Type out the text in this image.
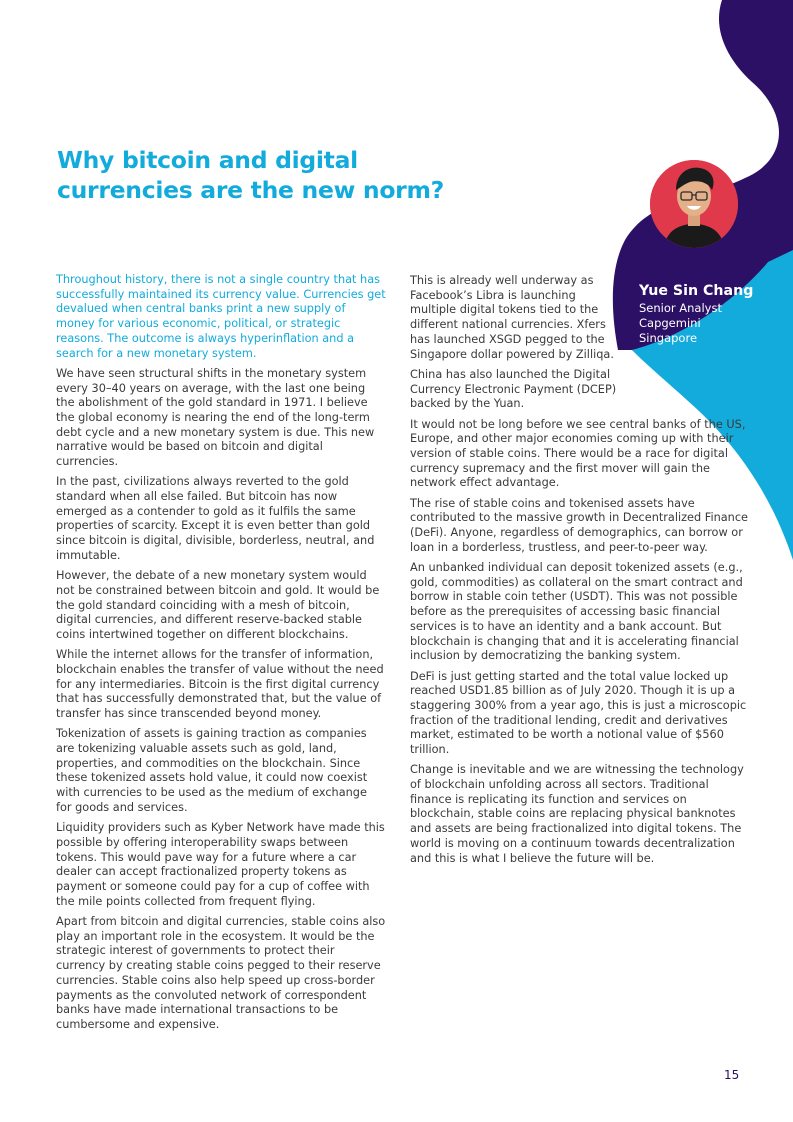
Why bitcoin and digital currencies are the new norm?

Throughout history, there is not a single country that has successfully maintained its currency value. Currencies get devalued when central banks print a new supply of money for various economic, political, or strategic reasons. The outcome is always hyperinflation and a search for a new monetary system.

We have seen structural shifts in the monetary system every 30–40 years on average, with the last one being the abolishment of the gold standard in 1971. I believe the global economy is nearing the end of the long-term debt cycle and a new monetary system is due. This new narrative would be based on bitcoin and digital currencies.

In the past, civilizations always reverted to the gold standard when all else failed. But bitcoin has now emerged as a contender to gold as it fulfils the same properties of scarcity. Except it is even better than gold since bitcoin is digital, divisible, borderless, neutral, and immutable.

However, the debate of a new monetary system would not be constrained between bitcoin and gold. It would be the gold standard coinciding with a mesh of bitcoin, digital currencies, and different reserve-backed stable coins intertwined together on different blockchains.

While the internet allows for the transfer of information, blockchain enables the transfer of value without the need for any intermediaries. Bitcoin is the first digital currency that has successfully demonstrated that, but the value of transfer has since transcended beyond money.

Tokenization of assets is gaining traction as companies are tokenizing valuable assets such as gold, land, properties, and commodities on the blockchain. Since these tokenized assets hold value, it could now coexist with currencies to be used as the medium of exchange for goods and services.

Liquidity providers such as Kyber Network have made this possible by offering interoperability swaps between tokens. This would pave way for a future where a car dealer can accept fractionalized property tokens as payment or someone could pay for a cup of coffee with the mile points collected from frequent flying.

Apart from bitcoin and digital currencies, stable coins also play an important role in the ecosystem. It would be the strategic interest of governments to protect their currency by creating stable coins pegged to their reserve currencies. Stable coins also help speed up cross-border payments as the convoluted network of correspondent banks have made international transactions to be cumbersome and expensive.

This is already well underway as Facebook’s Libra is launching multiple digital tokens tied to the different national currencies. Xfers has launched XSGD pegged to the Singapore dollar powered by Zilliqa.

China has also launched the Digital Currency Electronic Payment (DCEP) backed by the Yuan.

It would not be long before we see central banks of the US, Europe, and other major economies coming up with their version of stable coins. There would be a race for digital currency supremacy and the first mover will gain the network effect advantage.

The rise of stable coins and tokenised assets have contributed to the massive growth in Decentralized Finance (DeFi). Anyone, regardless of demographics, can borrow or loan in a borderless, trustless, and peer-to-peer way.

An unbanked individual can deposit tokenized assets (e.g., gold, commodities) as collateral on the smart contract and borrow in stable coin tether (USDT). This was not possible before as the prerequisites of accessing basic financial services is to have an identity and a bank account. But blockchain is changing that and it is accelerating financial inclusion by democratizing the banking system.

DeFi is just getting started and the total value locked up reached USD1.85 billion as of July 2020. Though it is up a staggering 300% from a year ago, this is just a microscopic fraction of the traditional lending, credit and derivatives market, estimated to be worth a notional value of $560 trillion.

Change is inevitable and we are witnessing the technology of blockchain unfolding across all sectors. Traditional finance is replicating its function and services on blockchain, stable coins are replacing physical banknotes and assets are being fractionalized into digital tokens. The world is moving on a continuum towards decentralization and this is what I believe the future will be.

Yue Sin Chang
Senior Analyst
Capgemini
Singapore
15
